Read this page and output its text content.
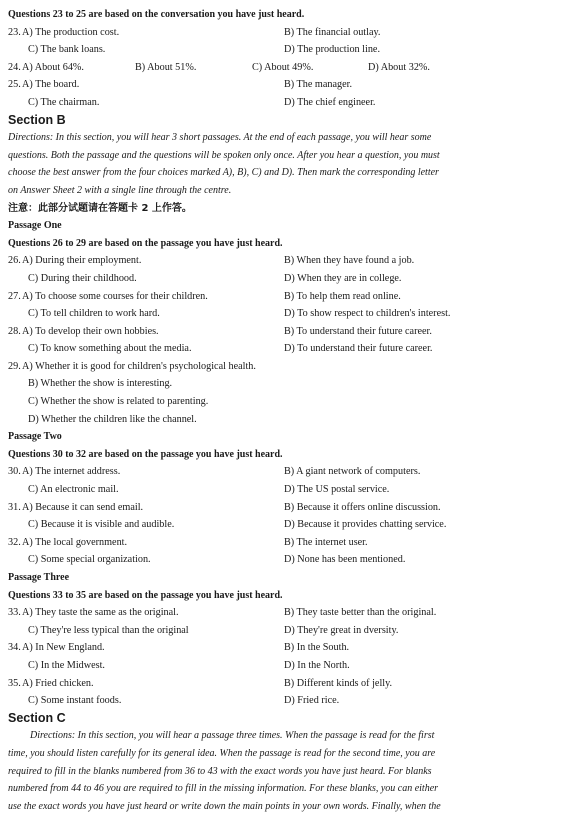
Questions 23 to 25 are based on the conversation you have just heard.
23. A) The production cost.	B) The financial outlay.
C) The bank loans.	D) The production line.
24. A) About 64%.	B) About 51%.	C) About 49%.	D) About 32%.
25. A) The board.	B) The manager.
C) The chairman.	D) The chief engineer.
Section B
Directions: In this section, you will hear 3 short passages. At the end of each passage, you will hear some
questions. Both the passage and the questions will be spoken only once. After you hear a question, you must
choose the best answer from the four choices marked A), B), C) and D). Then mark the corresponding letter
on Answer Sheet 2 with a single line through the centre.
注意：此部分试题请在答题卡 2 上作答。
Passage One
Questions 26 to 29 are based on the passage you have just heard.
26. A) During their employment.	B) When they have found a job.
C) During their childhood.	D) When they are in college.
27. A) To choose some courses for their children.	B) To help them read online.
C) To tell children to work hard.	D) To show respect to children's interest.
28. A) To develop their own hobbies.	B) To understand their future career.
C) To know something about the media.	D) To understand their future career.
29. A) Whether it is good for children's psychological health.
B) Whether the show is interesting.
C) Whether the show is related to parenting.
D) Whether the children like the channel.
Passage Two
Questions 30 to 32 are based on the passage you have just heard.
30. A) The internet address.	B) A giant network of computers.
C) An electronic mail.	D) The US postal service.
31. A) Because it can send email.	B) Because it offers online discussion.
C) Because it is visible and audible.	D) Because it provides chatting service.
32. A) The local government.	B) The internet user.
C) Some special organization.	D) None has been mentioned.
Passage Three
Questions 33 to 35 are based on the passage you have just heard.
33. A) They taste the same as the original.	B) They taste better than the original.
C) They're less typical than the original	D) They're great in dversity.
34. A) In New England.	B) In the South.
C) In the Midwest.	D) In the North.
35. A) Fried chicken.	B) Different kinds of jelly.
C) Some instant foods.	D) Fried rice.
Section C
Directions: In this section, you will hear a passage three times. When the passage is read for the first
time, you should listen carefully for its general idea. When the passage is read for the second time, you are
required to fill in the blanks numbered from 36 to 43 with the exact words you have just heard. For blanks
numbered from 44 to 46 you are required to fill in the missing information. For these blanks, you can either
use the exact words you have just heard or write down the main points in your own words. Finally, when the
